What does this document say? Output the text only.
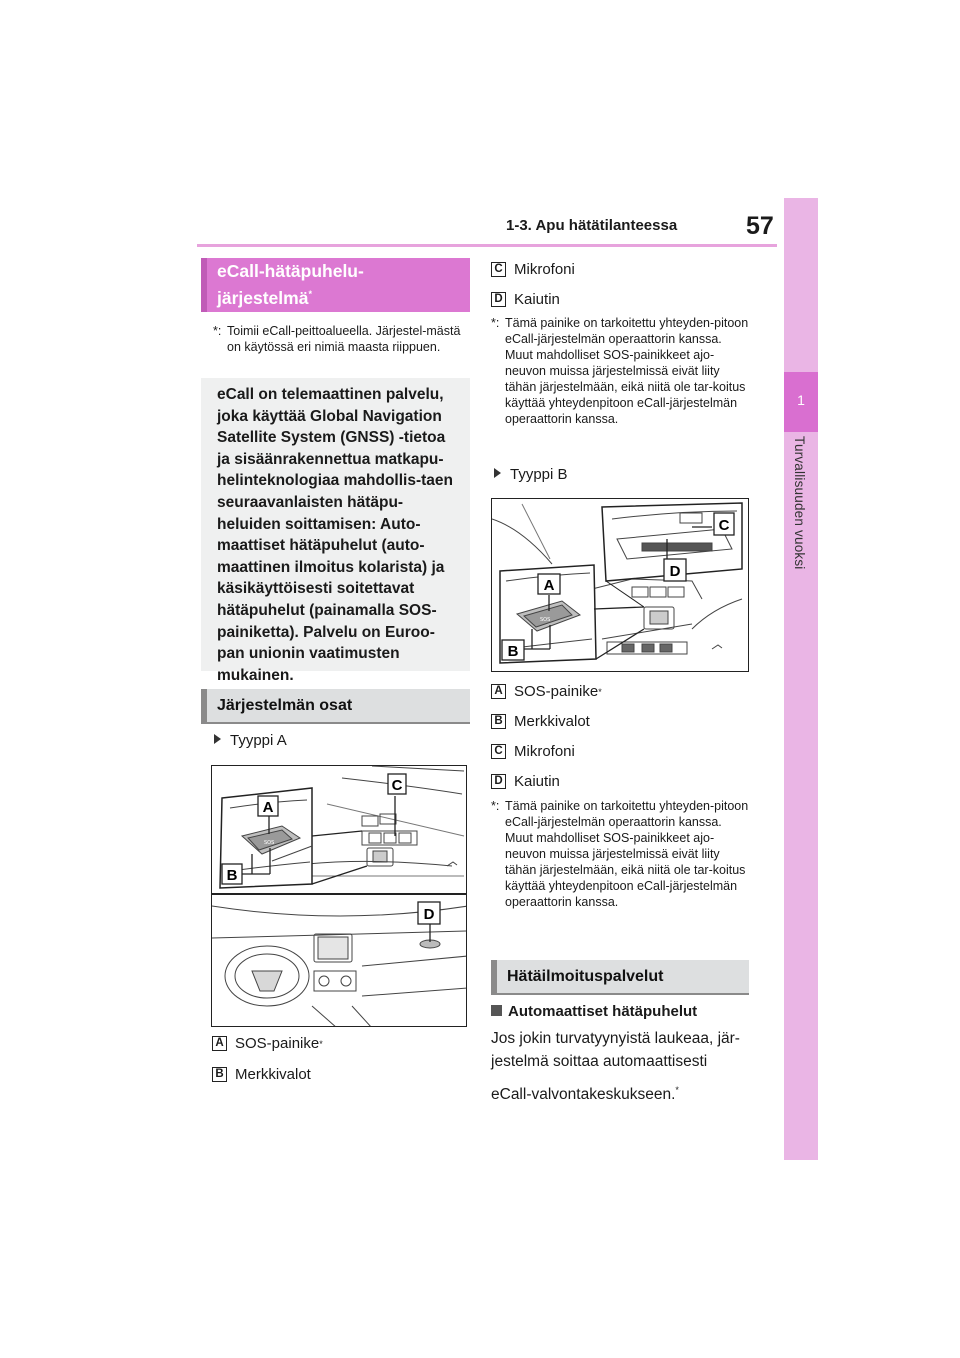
1-3. Apu hätätilanteessa	57
1
Turvallisuuden vuoksi
eCall-hätäpuhelu-
järjestelmä*
*: Toimii eCall-peittoalueella. Järjestel-mästä on käytössä eri nimiä maasta riippuen.
eCall on telemaattinen palvelu, joka käyttää Global Navigation Satellite System (GNSS) -tietoa ja sisäänrakennettua matkapu-helinteknologiaa mahdollis-taen seuraavanlaisten hätäpu-heluiden soittamisen: Auto-maattiset hätäpuhelut (auto-maattinen ilmoitus kolarista) ja käsikäyttöisesti soitettavat hätäpuhelut (painamalla SOS-painiketta). Palvelu on Euroo-pan unionin vaatimusten mukainen.
Järjestelmän osat
Tyyppi A
SOS
C
A
B
D
A SOS-painike *
B Merkkivalot
C Mikrofoni
D Kaiutin
*: Tämä painike on tarkoitettu yhteyden-pitoon eCall-järjestelmän operaattorin kanssa.
Muut mahdolliset SOS-painikkeet ajo-neuvon muissa järjestelmissä eivät liity tähän järjestelmään, eikä niitä ole tar-koitus käyttää yhteydenpitoon eCall-järjestelmän operaattorin kanssa.
Tyyppi B
SOS
C
D
A
B
A SOS-painike *
B Merkkivalot
C Mikrofoni
D Kaiutin
*: Tämä painike on tarkoitettu yhteyden-pitoon eCall-järjestelmän operaattorin kanssa.
Muut mahdolliset SOS-painikkeet ajo-neuvon muissa järjestelmissä eivät liity tähän järjestelmään, eikä niitä ole tar-koitus käyttää yhteydenpitoon eCall-järjestelmän operaattorin kanssa.
Hätäilmoituspalvelut
Automaattiset hätäpuhelut
Jos jokin turvatyynyistä laukeaa, jär-jestelmä soittaa automaattisesti
eCall-valvontakeskukseen.*
